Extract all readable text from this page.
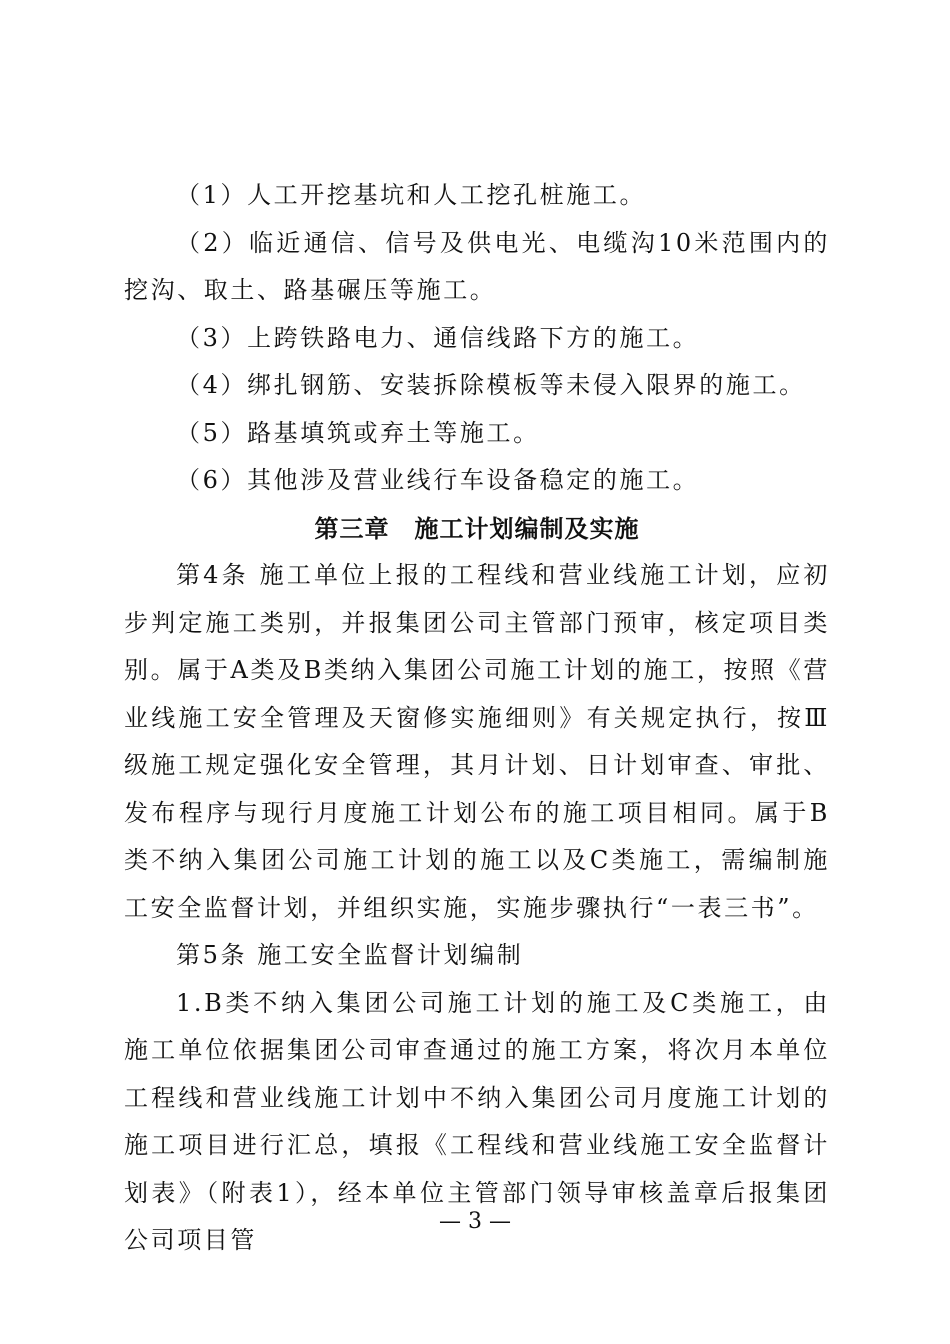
（1）人工开挖基坑和人工挖孔桩施工。

（2）临近通信、信号及供电光、电缆沟10米范围内的挖沟、取土、路基碾压等施工。

（3）上跨铁路电力、通信线路下方的施工。

（4）绑扎钢筋、安装拆除模板等未侵入限界的施工。

（5）路基填筑或弃土等施工。

（6）其他涉及营业线行车设备稳定的施工。

第三章　施工计划编制及实施

第4条 施工单位上报的工程线和营业线施工计划，应初步判定施工类别，并报集团公司主管部门预审，核定项目类别。属于A类及B类纳入集团公司施工计划的施工，按照《营业线施工安全管理及天窗修实施细则》有关规定执行，按Ⅲ级施工规定强化安全管理，其月计划、日计划审查、审批、发布程序与现行月度施工计划公布的施工项目相同。属于B类不纳入集团公司施工计划的施工以及C类施工，需编制施工安全监督计划，并组织实施，实施步骤执行“一表三书”。

第5条 施工安全监督计划编制

1.B类不纳入集团公司施工计划的施工及C类施工，由施工单位依据集团公司审查通过的施工方案，将次月本单位工程线和营业线施工计划中不纳入集团公司月度施工计划的施工项目进行汇总，填报《工程线和营业线施工安全监督计划表》（附表1），经本单位主管部门领导审核盖章后报集团公司项目管

— 3 —
